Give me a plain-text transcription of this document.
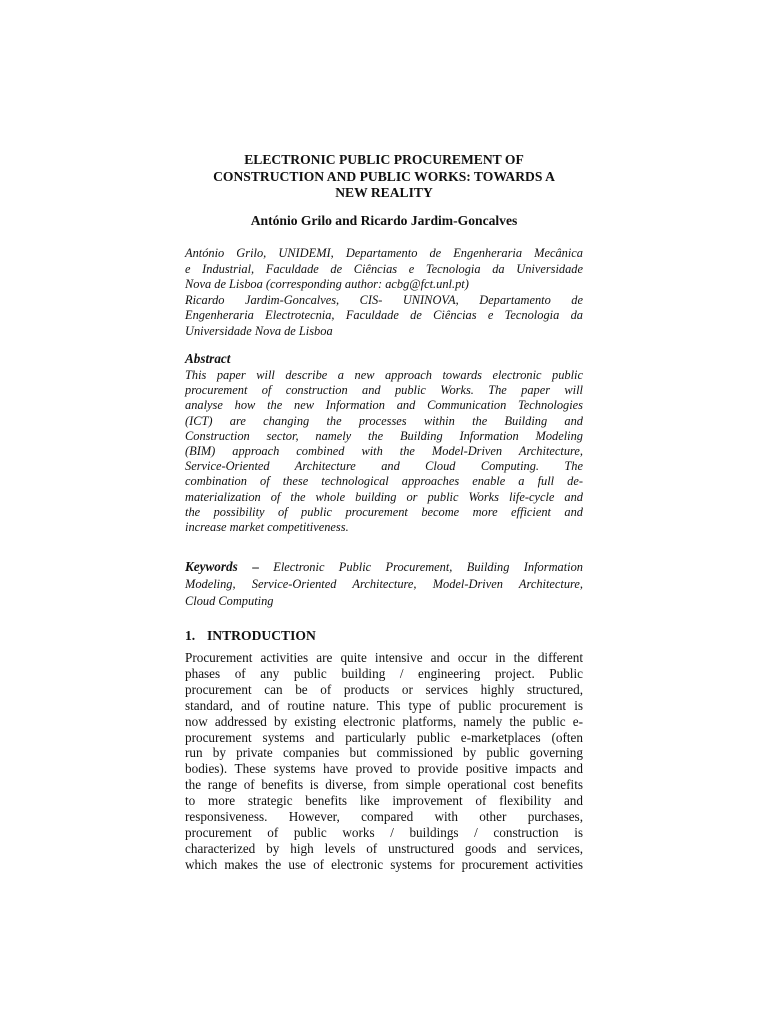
ELECTRONIC PUBLIC PROCUREMENT OF
CONSTRUCTION AND PUBLIC WORKS: TOWARDS A
NEW REALITY
António Grilo and Ricardo Jardim-Goncalves
António Grilo, UNIDEMI, Departamento de Engenheraria Mecânica
e Industrial, Faculdade de Ciências e Tecnologia da Universidade
Nova de Lisboa (corresponding author: acbg@fct.unl.pt)
Ricardo Jardim-Goncalves, CIS- UNINOVA, Departamento de
Engenheraria Electrotecnia, Faculdade de Ciências e Tecnologia da
Universidade Nova de Lisboa
Abstract
This paper will describe a new approach towards electronic public
procurement of construction and public Works. The paper will
analyse how the new Information and Communication Technologies
(ICT) are changing the processes within the Building and
Construction sector, namely the Building Information Modeling
(BIM) approach combined with the Model-Driven Architecture,
Service-Oriented Architecture and Cloud Computing. The
combination of these technological approaches enable a full de-
materialization of the whole building or public Works life-cycle and
the possibility of public procurement become more efficient and
increase market competitiveness.
Keywords – Electronic Public Procurement, Building Information
Modeling, Service-Oriented Architecture, Model-Driven Architecture,
Cloud Computing
1. INTRODUCTION
Procurement activities are quite intensive and occur in the different
phases of any public building / engineering project. Public
procurement can be of products or services highly structured,
standard, and of routine nature. This type of public procurement is
now addressed by existing electronic platforms, namely the public e-
procurement systems and particularly public e-marketplaces (often
run by private companies but commissioned by public governing
bodies). These systems have proved to provide positive impacts and
the range of benefits is diverse, from simple operational cost benefits
to more strategic benefits like improvement of flexibility and
responsiveness. However, compared with other purchases,
procurement of public works / buildings / construction is
characterized by high levels of unstructured goods and services,
which makes the use of electronic systems for procurement activities
